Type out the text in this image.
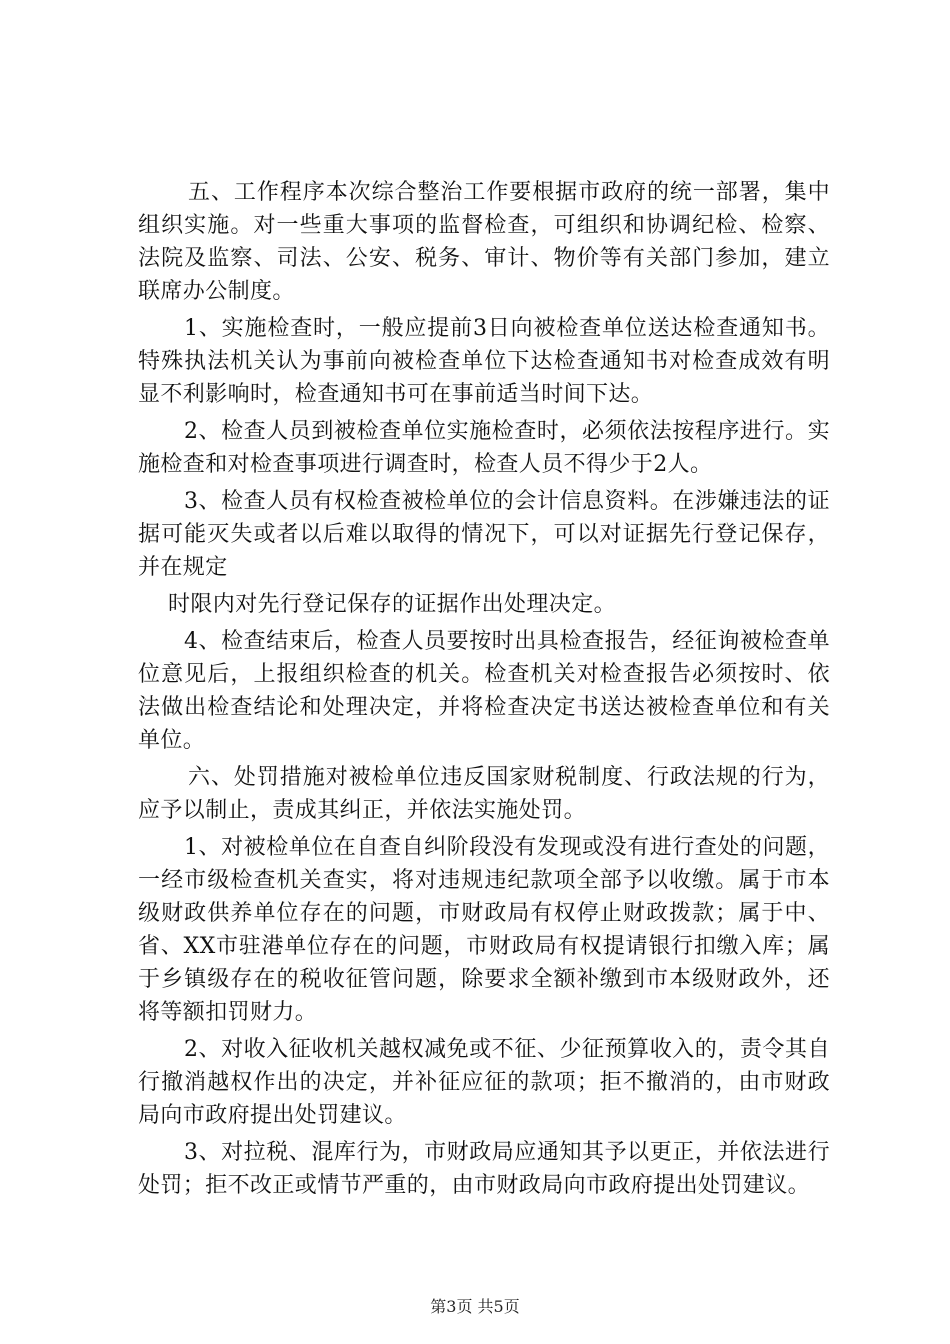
五、工作程序本次综合整治工作要根据市政府的统一部署，集中组织实施。对一些重大事项的监督检查，可组织和协调纪检、检察、法院及监察、司法、公安、税务、审计、物价等有关部门参加，建立联席办公制度。

1、实施检查时，一般应提前3日向被检查单位送达检查通知书。特殊执法机关认为事前向被检查单位下达检查通知书对检查成效有明显不利影响时，检查通知书可在事前适当时间下达。

2、检查人员到被检查单位实施检查时，必须依法按程序进行。实施检查和对检查事项进行调查时，检查人员不得少于2人。

3、检查人员有权检查被检单位的会计信息资料。在涉嫌违法的证据可能灭失或者以后难以取得的情况下，可以对证据先行登记保存，并在规定

时限内对先行登记保存的证据作出处理决定。

4、检查结束后，检查人员要按时出具检查报告，经征询被检查单位意见后，上报组织检查的机关。检查机关对检查报告必须按时、依法做出检查结论和处理决定，并将检查决定书送达被检查单位和有关单位。

六、处罚措施对被检单位违反国家财税制度、行政法规的行为，应予以制止，责成其纠正，并依法实施处罚。

1、对被检单位在自查自纠阶段没有发现或没有进行查处的问题，一经市级检查机关查实，将对违规违纪款项全部予以收缴。属于市本级财政供养单位存在的问题，市财政局有权停止财政拨款；属于中、省、XX市驻港单位存在的问题，市财政局有权提请银行扣缴入库；属于乡镇级存在的税收征管问题，除要求全额补缴到市本级财政外，还将等额扣罚财力。

2、对收入征收机关越权减免或不征、少征预算收入的，责令其自行撤消越权作出的决定，并补征应征的款项；拒不撤消的，由市财政局向市政府提出处罚建议。

3、对拉税、混库行为，市财政局应通知其予以更正，并依法进行处罚；拒不改正或情节严重的，由市财政局向市政府提出处罚建议。

第3页 共5页
